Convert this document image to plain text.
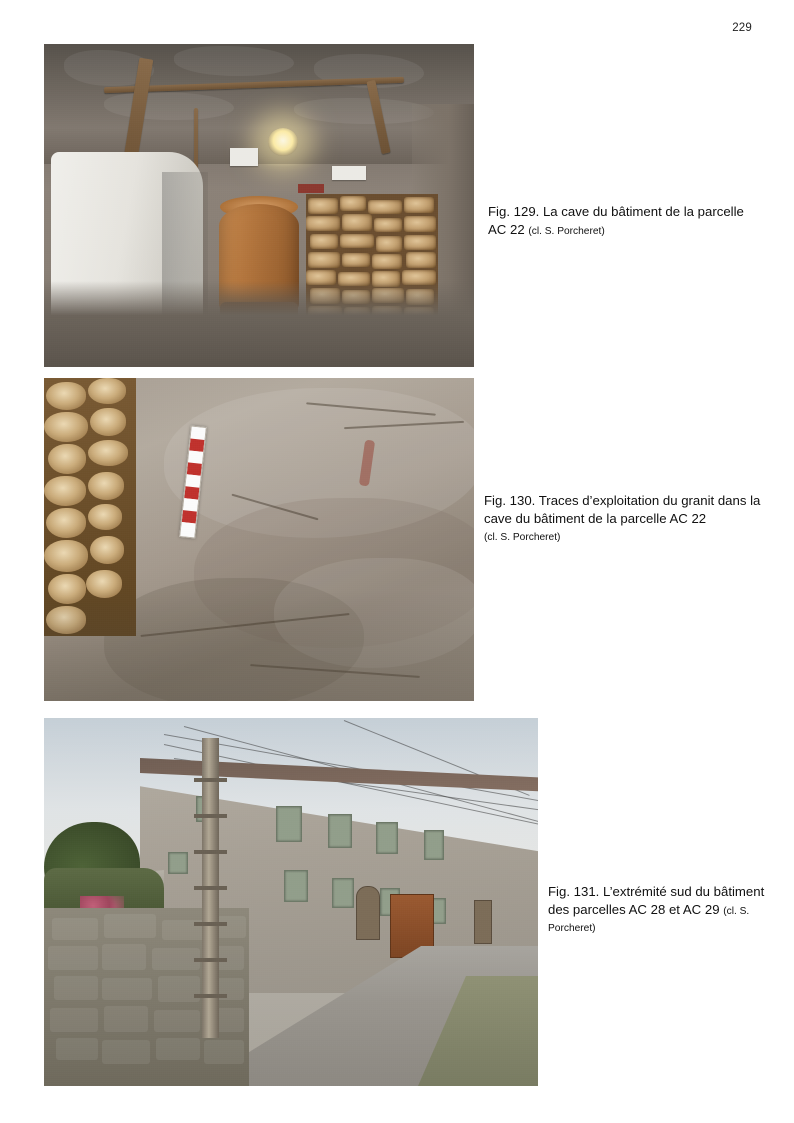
229
Fig. 129. La cave du bâtiment de la parcelle AC 22 (cl. S. Porcheret)
Fig. 130. Traces d’exploitation du granit dans la cave du bâtiment de la parcelle AC 22
(cl. S. Porcheret)
Fig. 131. L’extrémité sud du bâtiment des parcelles AC 28 et AC 29 (cl. S. Porcheret)
